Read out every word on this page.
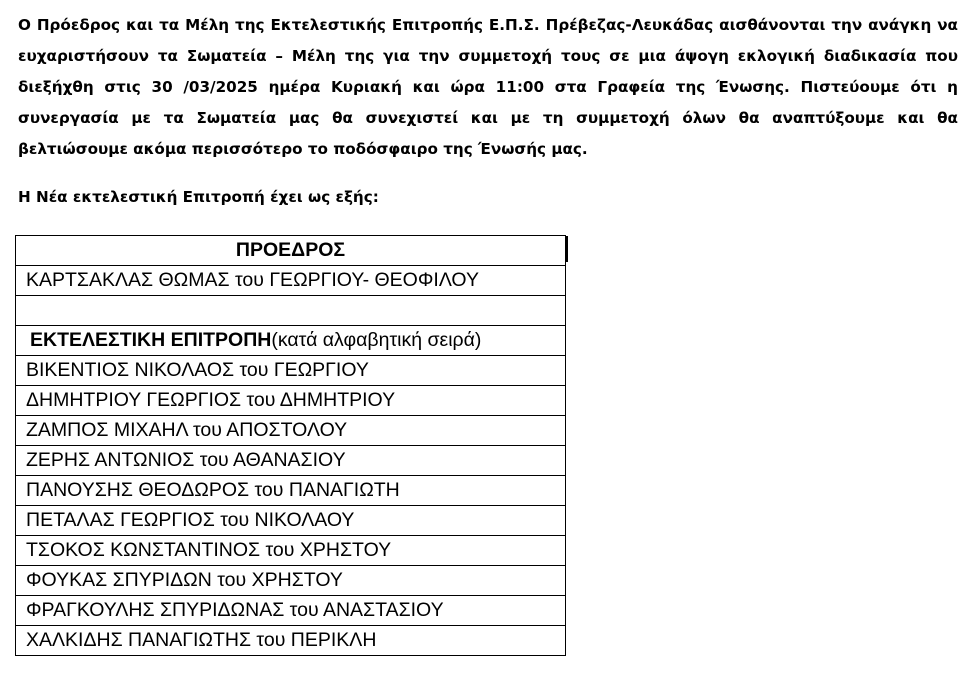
Ο Πρόεδρος και τα Μέλη της Εκτελεστικής Επιτροπής Ε.Π.Σ. Πρέβεζας-Λευκάδας αισθάνονται την ανάγκη να ευχαριστήσουν τα Σωματεία – Μέλη της για την συμμετοχή τους σε μια άψογη εκλογική διαδικασία που διεξήχθη στις 30 /03/2025 ημέρα Κυριακή και ώρα 11:00 στα Γραφεία της Ένωσης. Πιστεύουμε ότι η συνεργασία με τα Σωματεία μας θα συνεχιστεί και με τη συμμετοχή όλων θα αναπτύξουμε και θα βελτιώσουμε ακόμα περισσότερο το ποδόσφαιρο της Ένωσής μας.

Η Νέα εκτελεστική Επιτροπή έχει ως εξής:

ΠΡΟΕΔΡΟΣ
ΚΑΡΤΣΑΚΛΑΣ ΘΩΜΑΣ του ΓΕΩΡΓΙΟΥ- ΘΕΟΦΙΛΟΥ

ΕΚΤΕΛΕΣΤΙΚΗ ΕΠΙΤΡΟΠΗ(κατά αλφαβητική σειρά)
ΒΙΚΕΝΤΙΟΣ ΝΙΚΟΛΑΟΣ του ΓΕΩΡΓΙΟΥ
ΔΗΜΗΤΡΙΟΥ ΓΕΩΡΓΙΟΣ του ΔΗΜΗΤΡΙΟΥ
ΖΑΜΠΟΣ ΜΙΧΑΗΛ του ΑΠΟΣΤΟΛΟΥ
ΖΕΡΗΣ ΑΝΤΩΝΙΟΣ του ΑΘΑΝΑΣΙΟΥ
ΠΑΝΟΥΣΗΣ ΘΕΟΔΩΡΟΣ του ΠΑΝΑΓΙΩΤΗ
ΠΕΤΑΛΑΣ ΓΕΩΡΓΙΟΣ του ΝΙΚΟΛΑΟΥ
ΤΣΟΚΟΣ ΚΩΝΣΤΑΝΤΙΝΟΣ του ΧΡΗΣΤΟΥ
ΦΟΥΚΑΣ ΣΠΥΡΙΔΩΝ του ΧΡΗΣΤΟΥ
ΦΡΑΓΚΟΥΛΗΣ ΣΠΥΡΙΔΩΝΑΣ του ΑΝΑΣΤΑΣΙΟΥ
ΧΑΛΚΙΔΗΣ ΠΑΝΑΓΙΩΤΗΣ του ΠΕΡΙΚΛΗ
